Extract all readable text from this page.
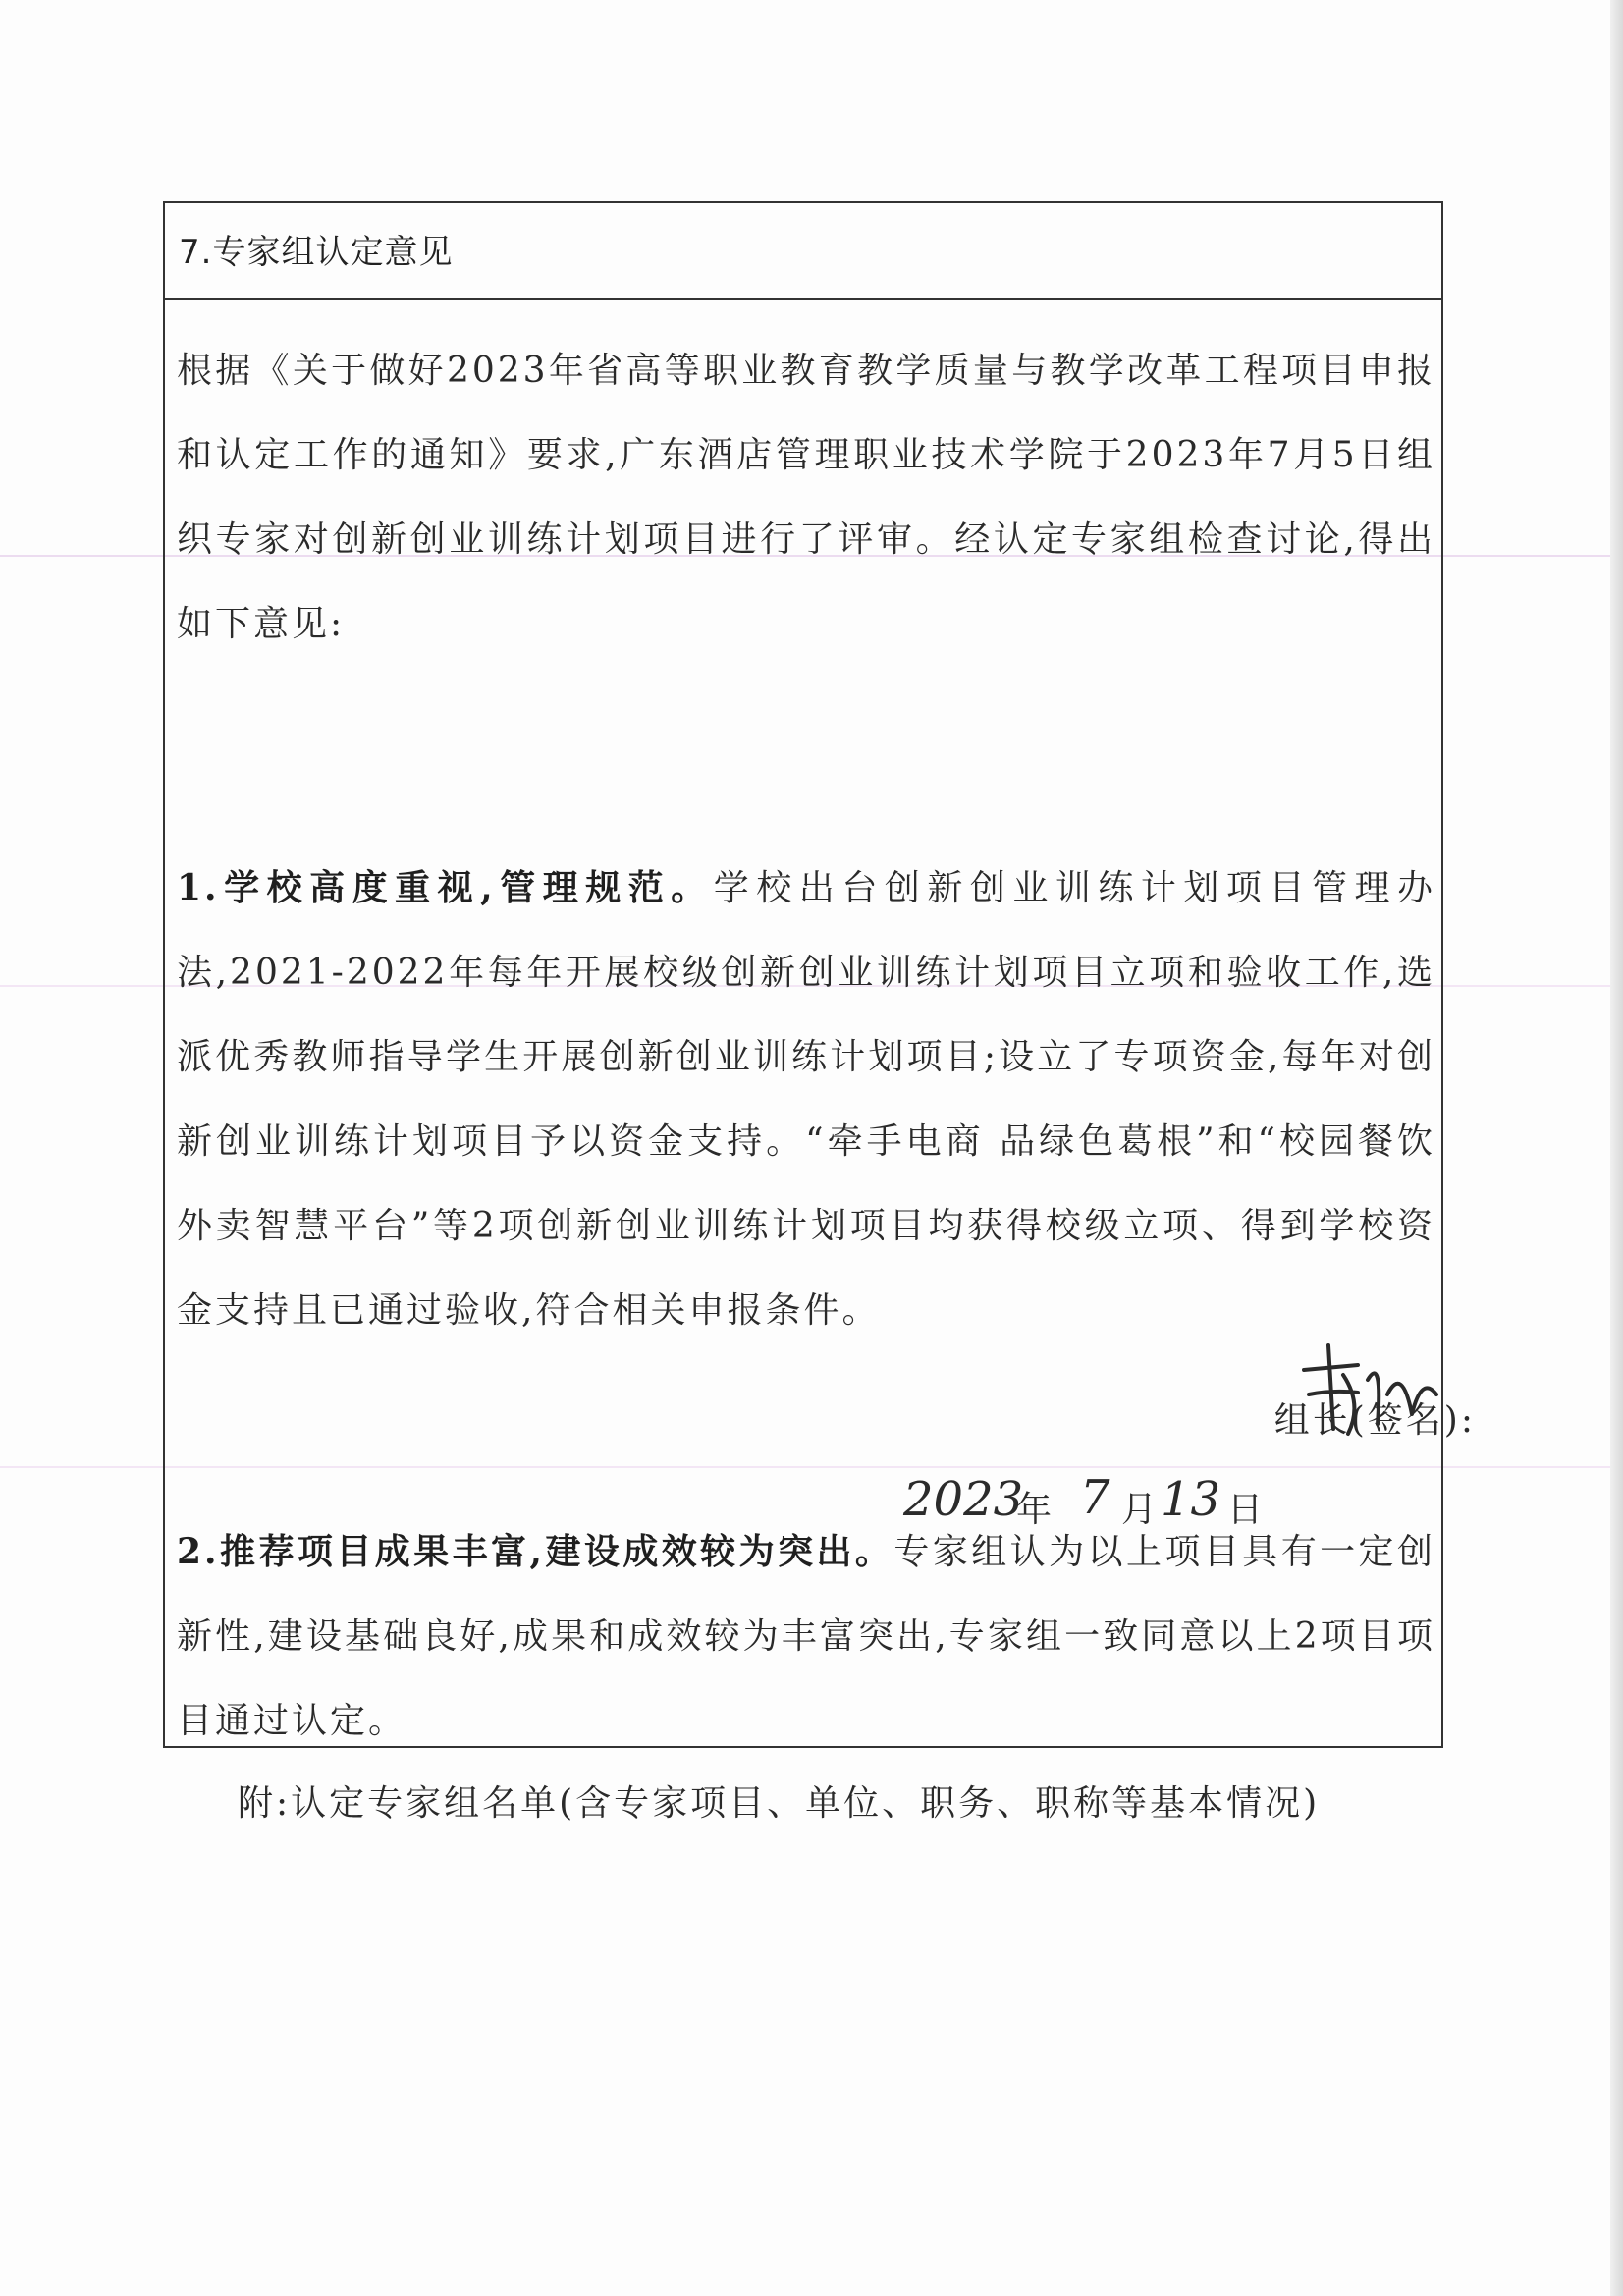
7.专家组认定意见
根据《关于做好2023年省高等职业教育教学质量与教学改革工程项目申报和认定工作的通知》要求,广东酒店管理职业技术学院于2023年7月5日组织专家对创新创业训练计划项目进行了评审。经认定专家组检查讨论,得出如下意见:
1.学校高度重视,管理规范。学校出台创新创业训练计划项目管理办法,2021-2022年每年开展校级创新创业训练计划项目立项和验收工作,选派优秀教师指导学生开展创新创业训练计划项目;设立了专项资金,每年对创新创业训练计划项目予以资金支持。“牵手电商 品绿色葛根”和“校园餐饮外卖智慧平台”等2项创新创业训练计划项目均获得校级立项、得到学校资金支持且已通过验收,符合相关申报条件。
2.推荐项目成果丰富,建设成效较为突出。专家组认为以上项目具有一定创新性,建设基础良好,成果和成效较为丰富突出,专家组一致同意以上2项目项目通过认定。
组长(签名):
2023
年 7 月 13 日
附:认定专家组名单(含专家项目、单位、职务、职称等基本情况)
